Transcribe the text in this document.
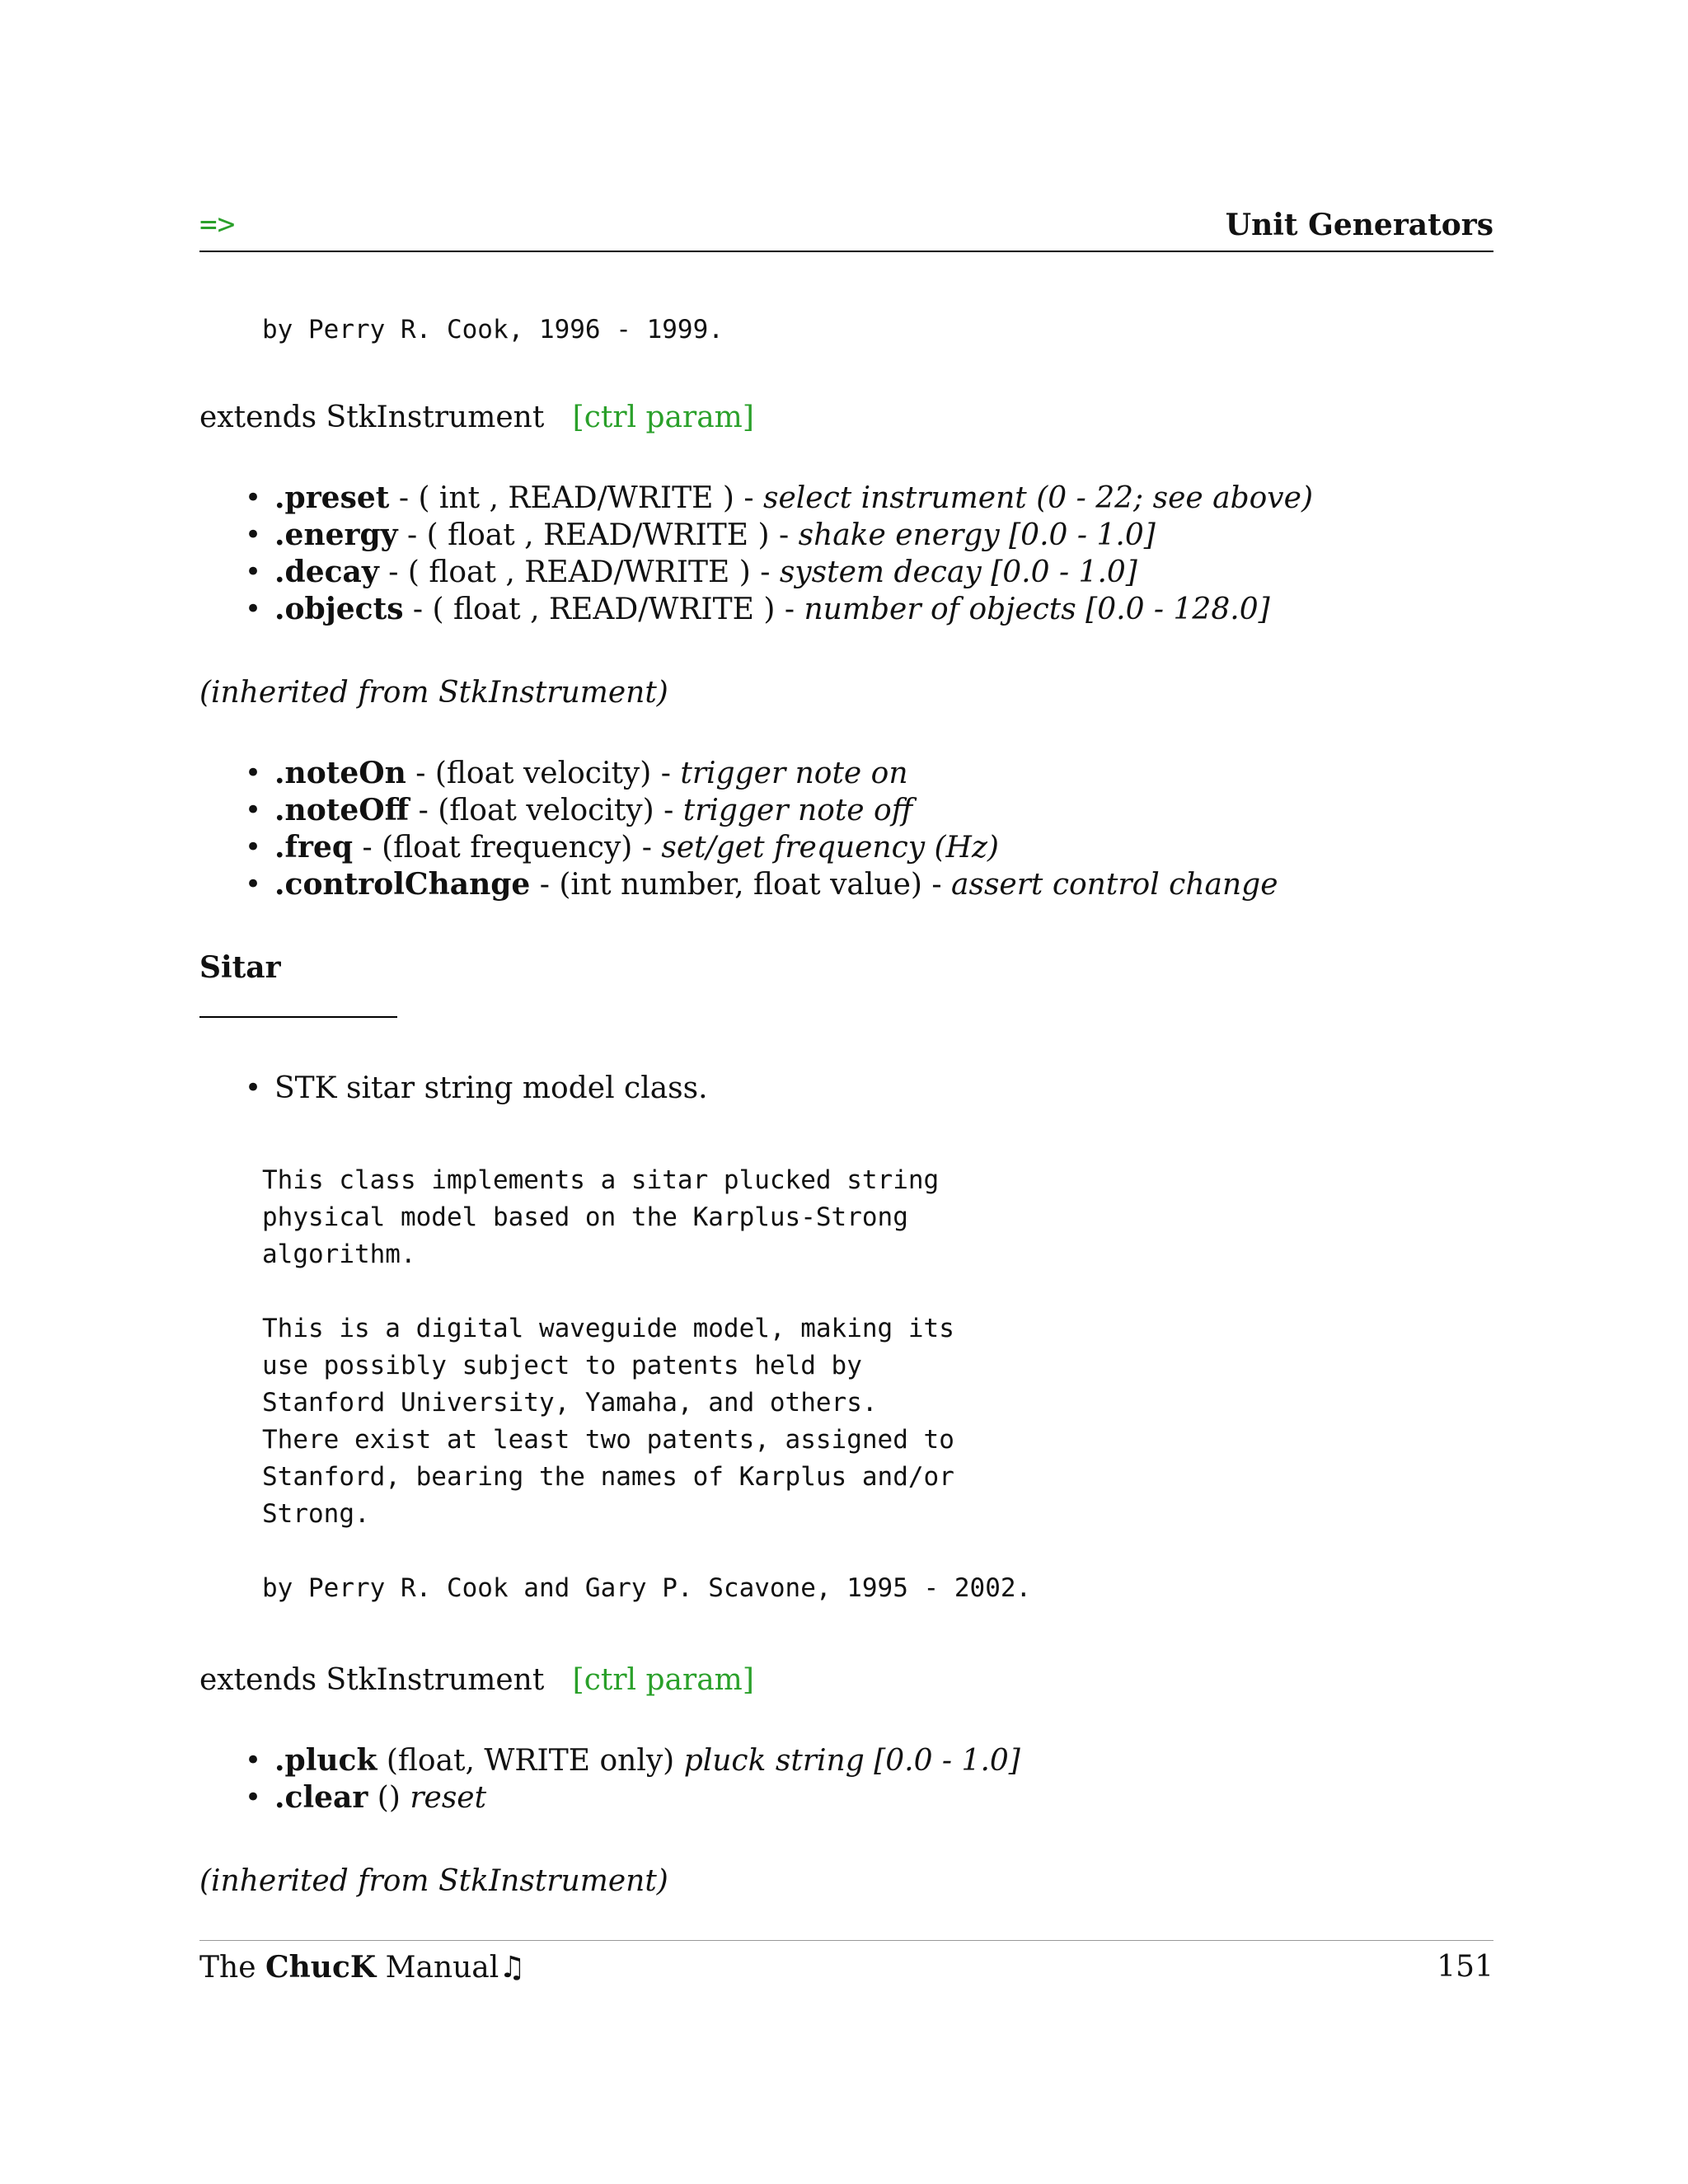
=>	Unit Generators
by Perry R. Cook, 1996 - 1999.
extends StkInstrument [ctrl param]
• .preset - ( int , READ/WRITE ) - select instrument (0 - 22; see above)
• .energy - ( float , READ/WRITE ) - shake energy [0.0 - 1.0]
• .decay - ( float , READ/WRITE ) - system decay [0.0 - 1.0]
• .objects - ( float , READ/WRITE ) - number of objects [0.0 - 128.0]
(inherited from StkInstrument)
• .noteOn - (float velocity) - trigger note on
• .noteOff - (float velocity) - trigger note off
• .freq - (float frequency) - set/get frequency (Hz)
• .controlChange - (int number, float value) - assert control change
Sitar
• STK sitar string model class.
This class implements a sitar plucked string
physical model based on the Karplus-Strong
algorithm.

This is a digital waveguide model, making its
use possibly subject to patents held by
Stanford University, Yamaha, and others.
There exist at least two patents, assigned to
Stanford, bearing the names of Karplus and/or
Strong.

by Perry R. Cook and Gary P. Scavone, 1995 - 2002.
extends StkInstrument [ctrl param]
• .pluck (float, WRITE only) pluck string [0.0 - 1.0]
• .clear () reset
(inherited from StkInstrument)
The ChucK Manual♫	151
